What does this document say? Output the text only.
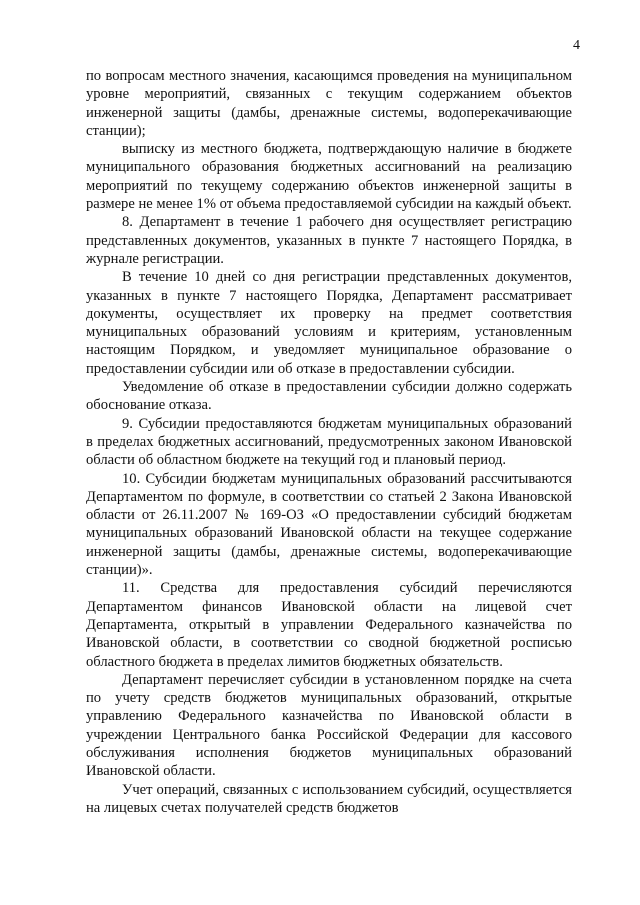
4

по вопросам местного значения, касающимся проведения на муниципальном уровне мероприятий, связанных с текущим содержанием объектов инженерной защиты (дамбы, дренажные системы, водоперекачивающие станции);

выписку из местного бюджета, подтверждающую наличие в бюджете муниципального образования бюджетных ассигнований на реализацию мероприятий по текущему содержанию объектов инженерной защиты в размере не менее 1% от объема предоставляемой субсидии на каждый объект.

8. Департамент в течение 1 рабочего дня осуществляет регистрацию представленных документов, указанных в пункте 7 настоящего Порядка, в журнале регистрации.

В течение 10 дней со дня регистрации представленных документов, указанных в пункте 7 настоящего Порядка, Департамент рассматривает документы, осуществляет их проверку на предмет соответствия муниципальных образований условиям и критериям, установленным настоящим Порядком, и уведомляет муниципальное образование о предоставлении субсидии или об отказе в предоставлении субсидии.

Уведомление об отказе в предоставлении субсидии должно содержать обоснование отказа.

9. Субсидии предоставляются бюджетам муниципальных образований в пределах бюджетных ассигнований, предусмотренных законом Ивановской области об областном бюджете на текущий год и плановый период.

10. Субсидии бюджетам муниципальных образований рассчитываются Департаментом по формуле, в соответствии со статьей 2 Закона Ивановской области от 26.11.2007 № 169-ОЗ «О предоставлении субсидий бюджетам муниципальных образований Ивановской области на текущее содержание инженерной защиты (дамбы, дренажные системы, водоперекачивающие станции)».

11. Средства для предоставления субсидий перечисляются Департаментом финансов Ивановской области на лицевой счет Департамента, открытый в управлении Федерального казначейства по Ивановской области, в соответствии со сводной бюджетной росписью областного бюджета в пределах лимитов бюджетных обязательств.

Департамент перечисляет субсидии в установленном порядке на счета по учету средств бюджетов муниципальных образований, открытые управлению Федерального казначейства по Ивановской области в учреждении Центрального банка Российской Федерации для кассового обслуживания исполнения бюджетов муниципальных образований Ивановской области.

Учет операций, связанных с использованием субсидий, осуществляется на лицевых счетах получателей средств бюджетов
